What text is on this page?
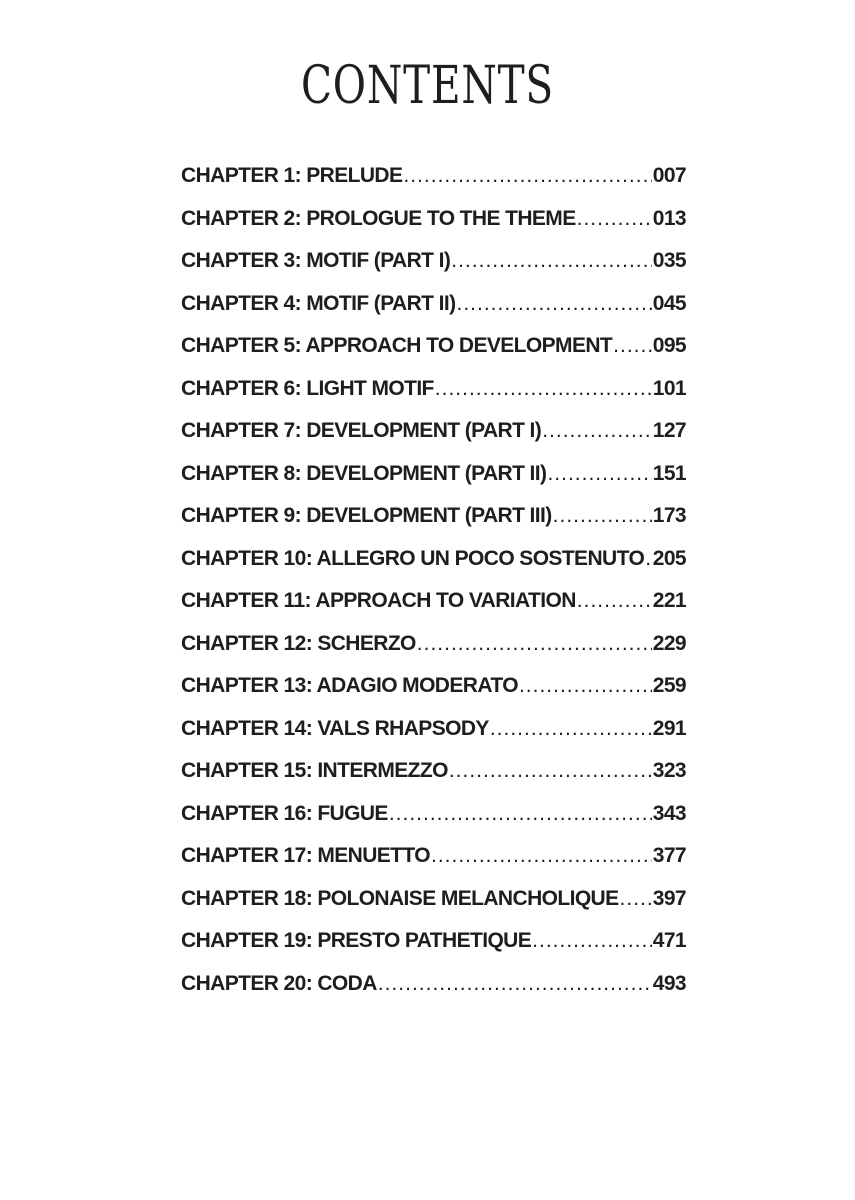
CONTENTS
CHAPTER 1: PRELUDE .....	007
CHAPTER 2: PROLOGUE TO THE THEME .....	013
CHAPTER 3: MOTIF (PART I) .....	035
CHAPTER 4: MOTIF (PART II) .....	045
CHAPTER 5: APPROACH TO DEVELOPMENT ..... 095
CHAPTER 6: LIGHT MOTIF .....	101
CHAPTER 7: DEVELOPMENT (PART I) .....	127
CHAPTER 8: DEVELOPMENT (PART II) .....	151
CHAPTER 9: DEVELOPMENT (PART III) .....	173
CHAPTER 10: ALLEGRO UN POCO SOSTENUTO ..... 205
CHAPTER 11: APPROACH TO VARIATION .....	221
CHAPTER 12: SCHERZO .....	229
CHAPTER 13: ADAGIO MODERATO .....	259
CHAPTER 14: VALS RHAPSODY .....	291
CHAPTER 15: INTERMEZZO .....	323
CHAPTER 16: FUGUE .....	343
CHAPTER 17: MENUETTO .....	377
CHAPTER 18: POLONAISE MELANCHOLIQUE ..... 397
CHAPTER 19: PRESTO PATHETIQUE .....	471
CHAPTER 20: CODA .....	493
